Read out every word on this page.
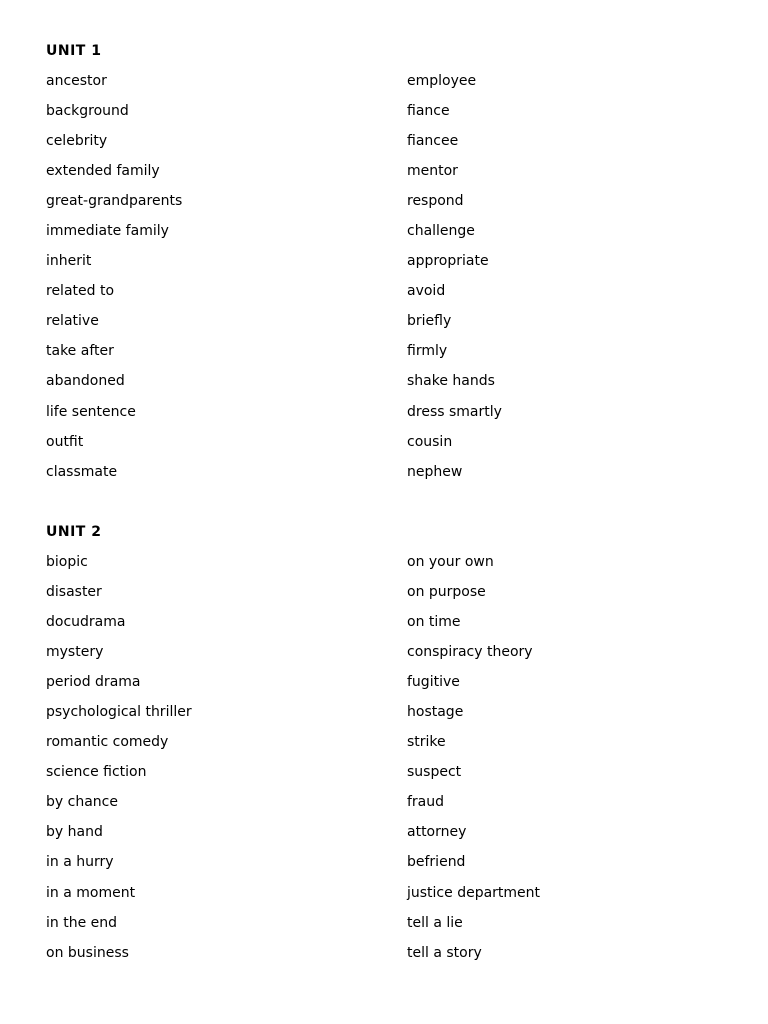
UNIT 1
ancestor	employee
background	fiance
celebrity	fiancee
extended family	mentor
great-grandparents	respond
immediate family	challenge
inherit	appropriate
related to	avoid
relative	briefly
take after	firmly
abandoned	shake hands
life sentence	dress smartly
outfit	cousin
classmate	nephew
UNIT 2
biopic	on your own
disaster	on purpose
docudrama	on time
mystery	conspiracy theory
period drama	fugitive
psychological thriller	hostage
romantic comedy	strike
science fiction	suspect
by chance	fraud
by hand	attorney
in a hurry	befriend
in a moment	justice department
in the end	tell a lie
on business	tell a story
